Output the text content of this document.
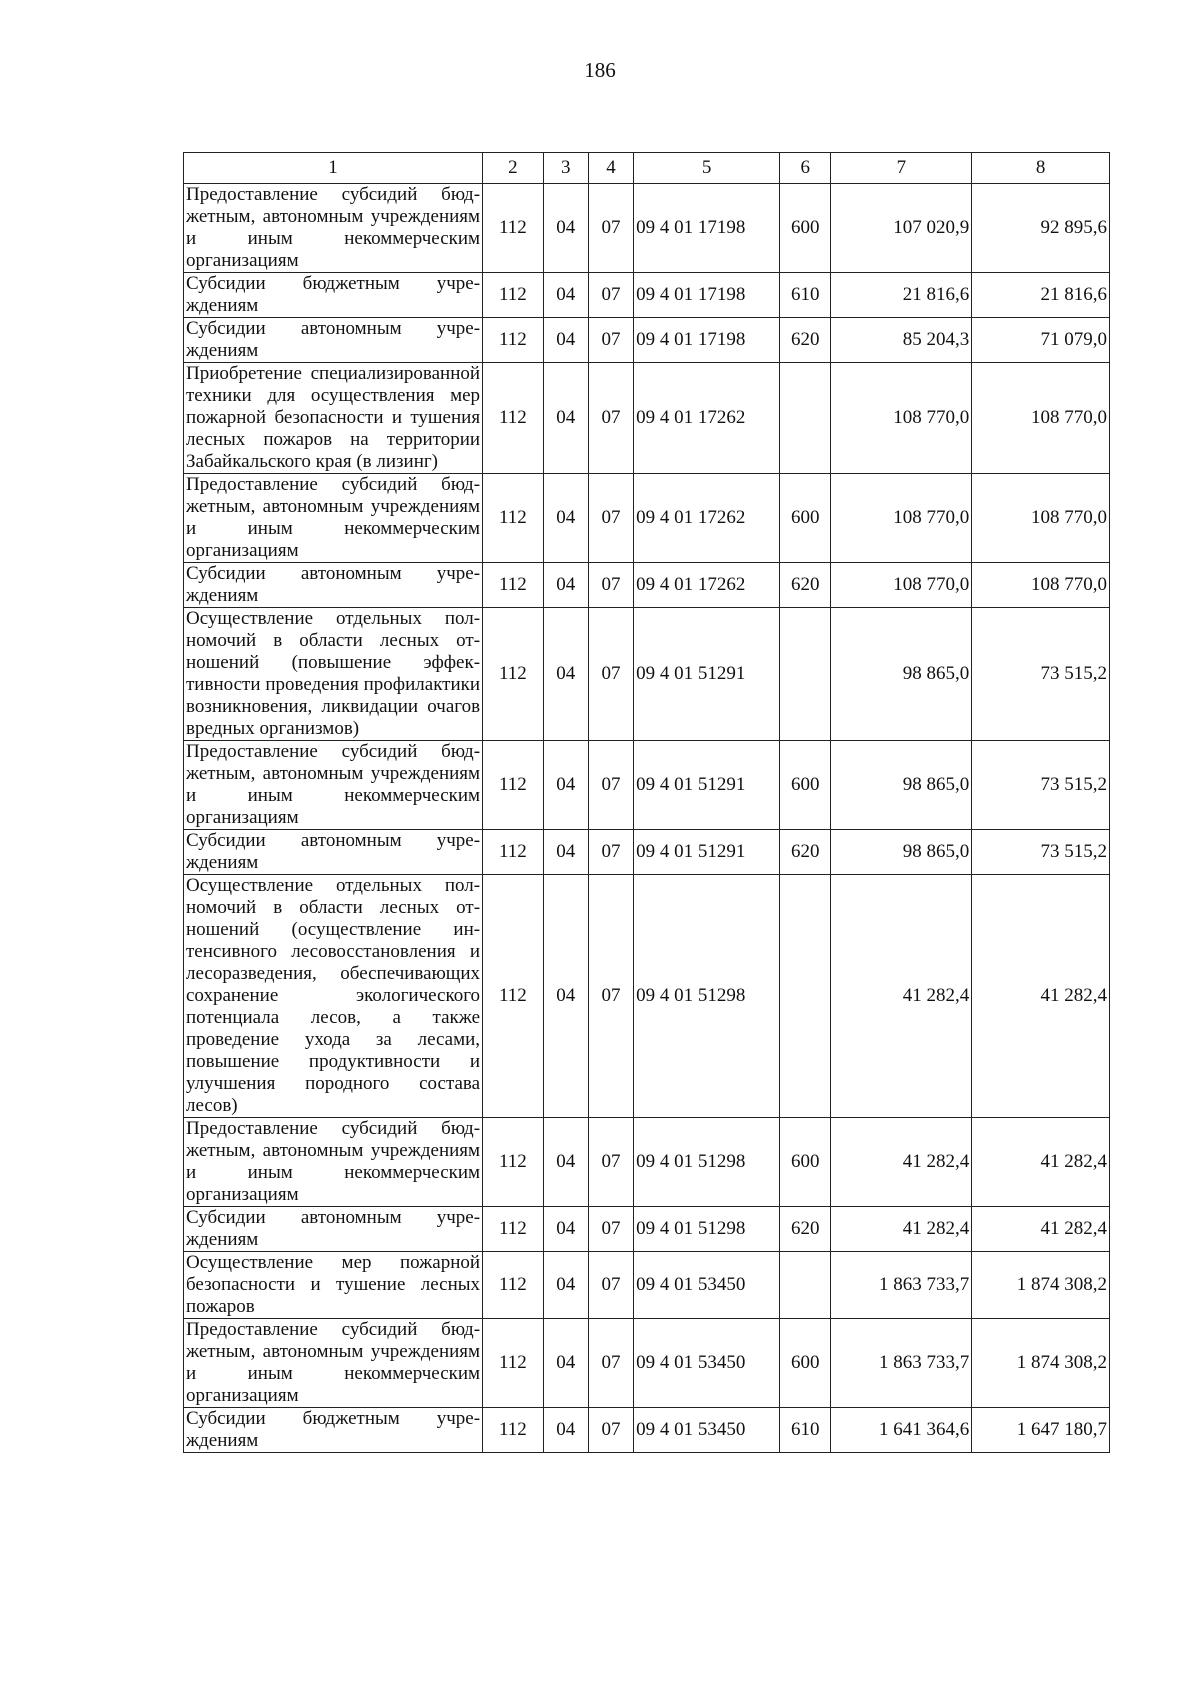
186
1	2	3	4	5	6	7	8
Предоставление субсидий бюджетным, автономным учреждениям и иным некоммерческим организациям	112	04	07	09 4 01 17198	600	107 020,9	92 895,6
Субсидии бюджетным учреждениям	112	04	07	09 4 01 17198	610	21 816,6	21 816,6
Субсидии автономным учреждениям	112	04	07	09 4 01 17198	620	85 204,3	71 079,0
Приобретение специализированной техники для осуществления мер пожарной безопасности и тушения лесных пожаров на территории Забайкальского края (в лизинг)	112	04	07	09 4 01 17262		108 770,0	108 770,0
Предоставление субсидий бюджетным, автономным учреждениям и иным некоммерческим организациям	112	04	07	09 4 01 17262	600	108 770,0	108 770,0
Субсидии автономным учреждениям	112	04	07	09 4 01 17262	620	108 770,0	108 770,0
Осуществление отдельных полномочий в области лесных отношений (повышение эффективности проведения профилактики возникновения, ликвидации очагов вредных организмов)	112	04	07	09 4 01 51291		98 865,0	73 515,2
Предоставление субсидий бюджетным, автономным учреждениям и иным некоммерческим организациям	112	04	07	09 4 01 51291	600	98 865,0	73 515,2
Субсидии автономным учреждениям	112	04	07	09 4 01 51291	620	98 865,0	73 515,2
Осуществление отдельных полномочий в области лесных отношений (осуществление интенсивного лесовосстановления и лесоразведения, обеспечивающих сохранение экологического потенциала лесов, а также проведение ухода за лесами, повышение продуктивности и улучшения породного состава лесов)	112	04	07	09 4 01 51298		41 282,4	41 282,4
Предоставление субсидий бюджетным, автономным учреждениям и иным некоммерческим организациям	112	04	07	09 4 01 51298	600	41 282,4	41 282,4
Субсидии автономным учреждениям	112	04	07	09 4 01 51298	620	41 282,4	41 282,4
Осуществление мер пожарной безопасности и тушение лесных пожаров	112	04	07	09 4 01 53450		1 863 733,7	1 874 308,2
Предоставление субсидий бюджетным, автономным учреждениям и иным некоммерческим организациям	112	04	07	09 4 01 53450	600	1 863 733,7	1 874 308,2
Субсидии бюджетным учреждениям	112	04	07	09 4 01 53450	610	1 641 364,6	1 647 180,7
